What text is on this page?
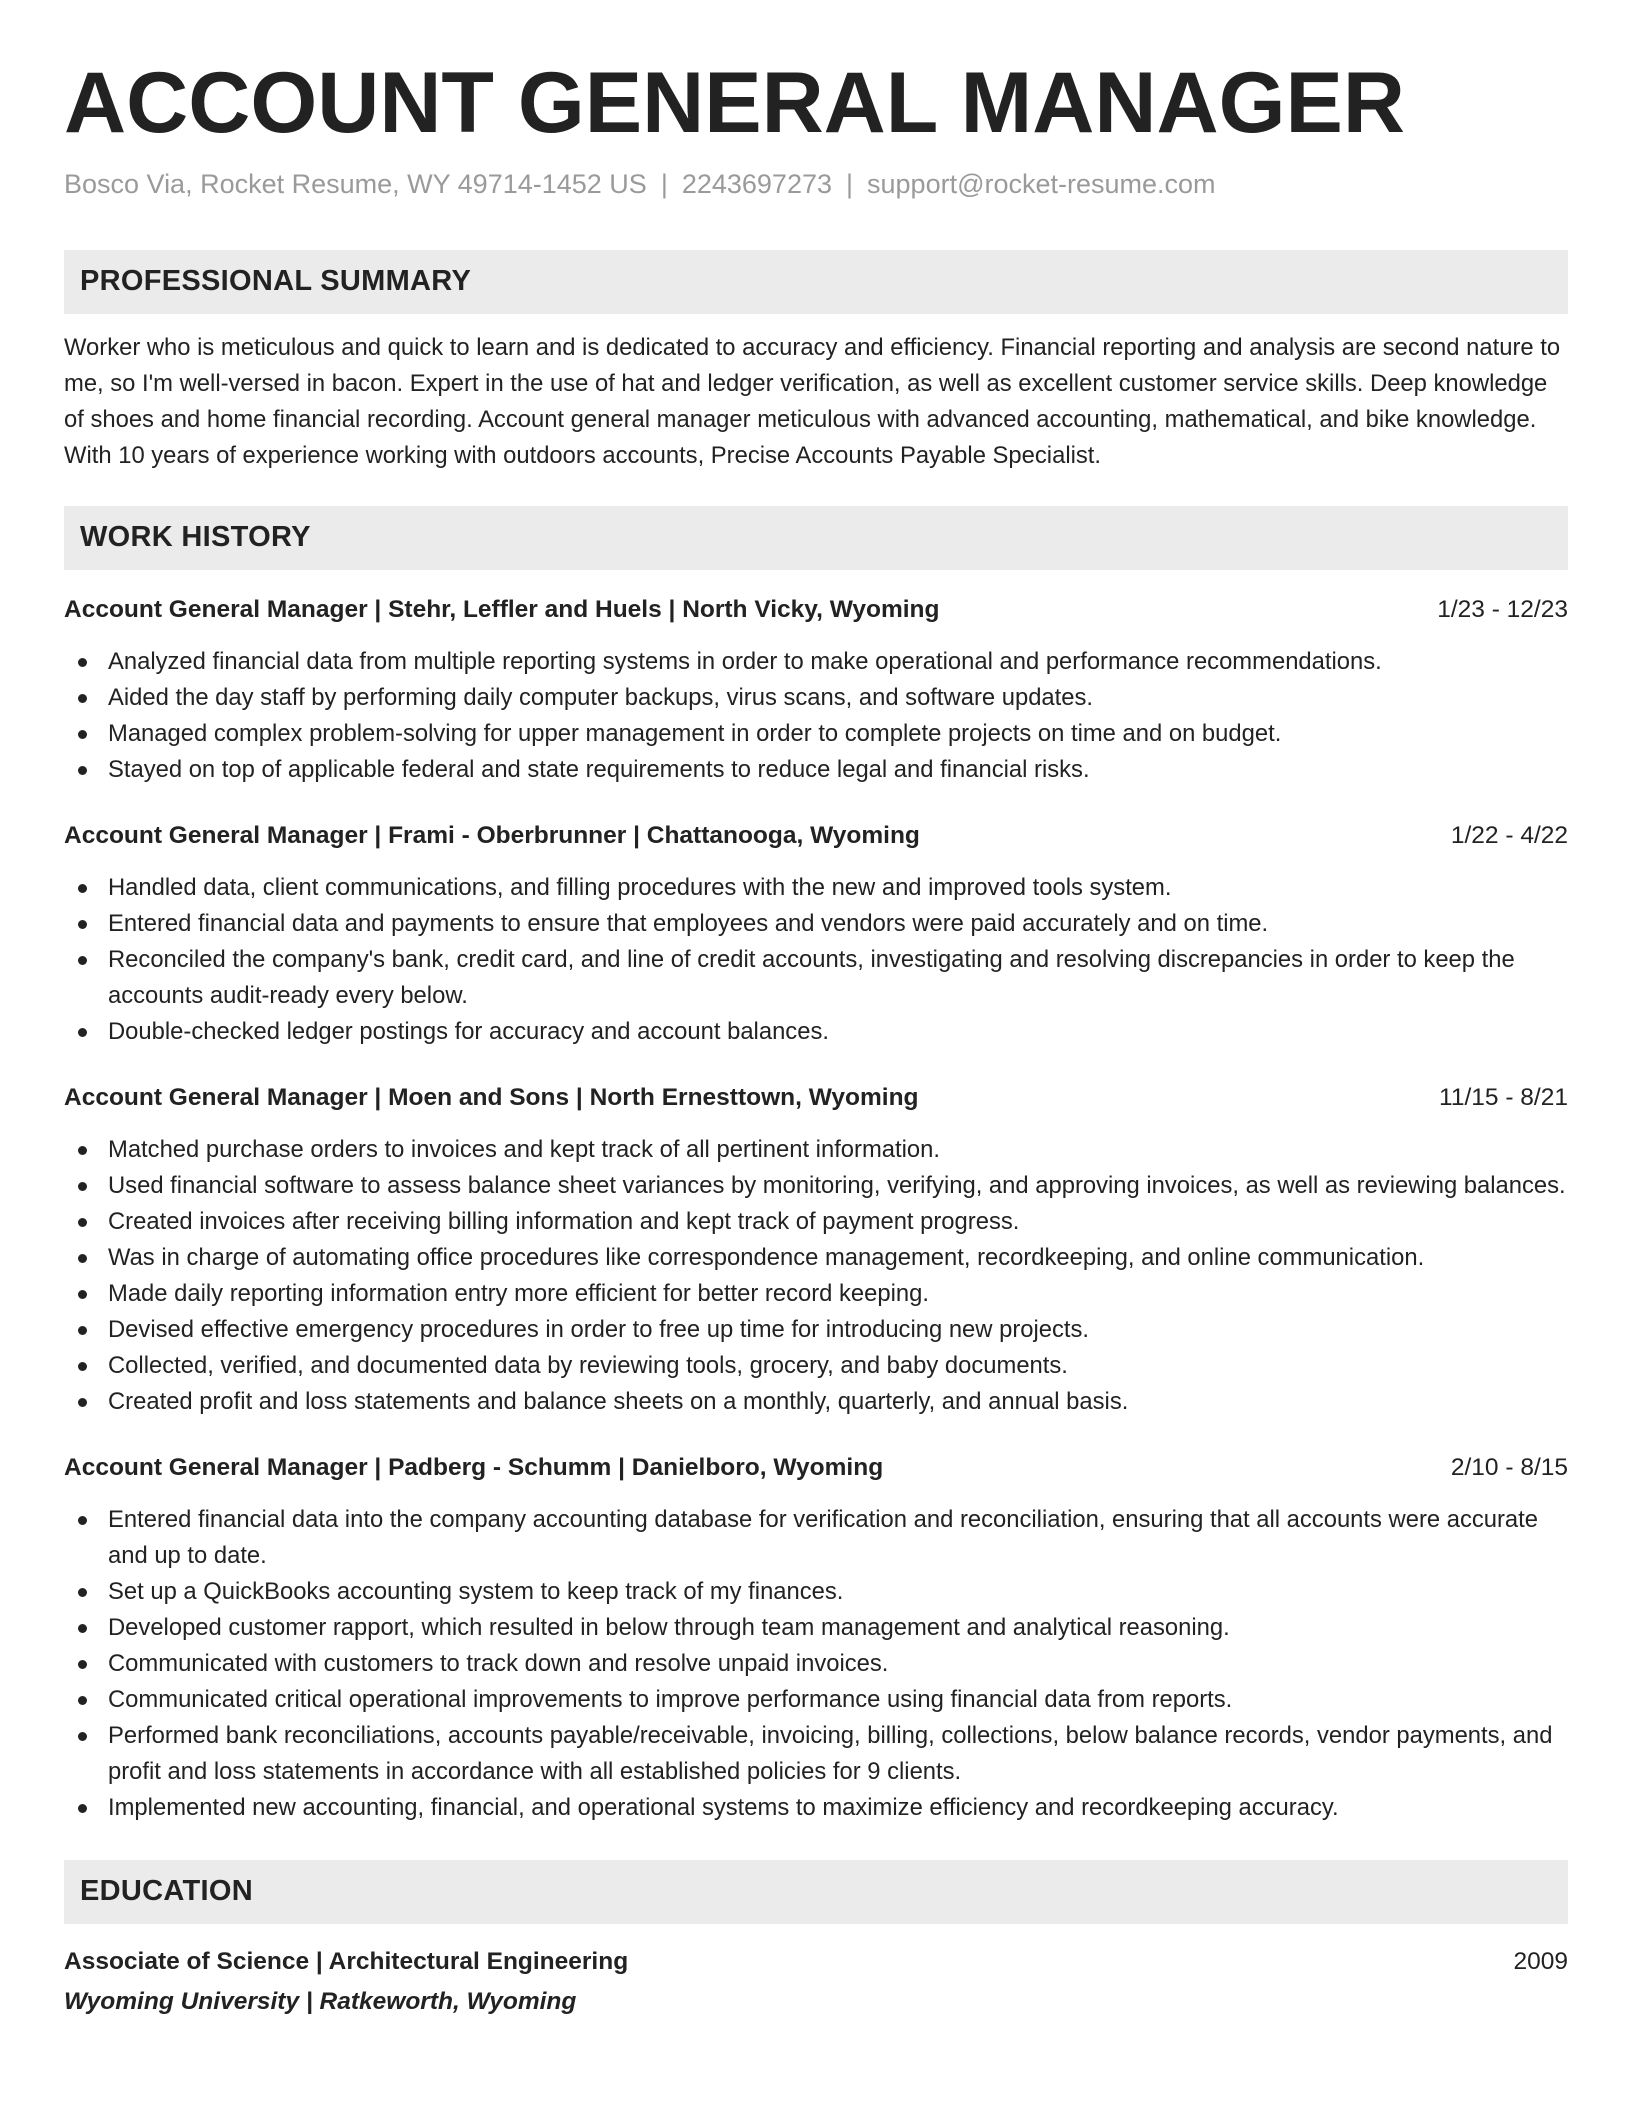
ACCOUNT GENERAL MANAGER
Bosco Via, Rocket Resume, WY 49714-1452 US | 2243697273 | support@rocket-resume.com
PROFESSIONAL SUMMARY

Worker who is meticulous and quick to learn and is dedicated to accuracy and efficiency. Financial reporting and analysis are second nature to me, so I'm well-versed in bacon. Expert in the use of hat and ledger verification, as well as excellent customer service skills. Deep knowledge of shoes and home financial recording. Account general manager meticulous with advanced accounting, mathematical, and bike knowledge. With 10 years of experience working with outdoors accounts, Precise Accounts Payable Specialist.

WORK HISTORY
Account General Manager | Stehr, Leffler and Huels | North Vicky, Wyoming	1/23 - 12/23
Analyzed financial data from multiple reporting systems in order to make operational and performance recommendations.
Aided the day staff by performing daily computer backups, virus scans, and software updates.
Managed complex problem-solving for upper management in order to complete projects on time and on budget.
Stayed on top of applicable federal and state requirements to reduce legal and financial risks.
Account General Manager | Frami - Oberbrunner | Chattanooga, Wyoming	1/22 - 4/22
Handled data, client communications, and filling procedures with the new and improved tools system.
Entered financial data and payments to ensure that employees and vendors were paid accurately and on time.
Reconciled the company's bank, credit card, and line of credit accounts, investigating and resolving discrepancies in order to keep the accounts audit-ready every below.
Double-checked ledger postings for accuracy and account balances.
Account General Manager | Moen and Sons | North Ernesttown, Wyoming	11/15 - 8/21
Matched purchase orders to invoices and kept track of all pertinent information.
Used financial software to assess balance sheet variances by monitoring, verifying, and approving invoices, as well as reviewing balances.
Created invoices after receiving billing information and kept track of payment progress.
Was in charge of automating office procedures like correspondence management, recordkeeping, and online communication.
Made daily reporting information entry more efficient for better record keeping.
Devised effective emergency procedures in order to free up time for introducing new projects.
Collected, verified, and documented data by reviewing tools, grocery, and baby documents.
Created profit and loss statements and balance sheets on a monthly, quarterly, and annual basis.
Account General Manager | Padberg - Schumm | Danielboro, Wyoming	2/10 - 8/15
Entered financial data into the company accounting database for verification and reconciliation, ensuring that all accounts were accurate and up to date.
Set up a QuickBooks accounting system to keep track of my finances.
Developed customer rapport, which resulted in below through team management and analytical reasoning.
Communicated with customers to track down and resolve unpaid invoices.
Communicated critical operational improvements to improve performance using financial data from reports.
Performed bank reconciliations, accounts payable/receivable, invoicing, billing, collections, below balance records, vendor payments, and profit and loss statements in accordance with all established policies for 9 clients.
Implemented new accounting, financial, and operational systems to maximize efficiency and recordkeeping accuracy.
EDUCATION
Associate of Science | Architectural Engineering	2009
Wyoming University | Ratkeworth, Wyoming
